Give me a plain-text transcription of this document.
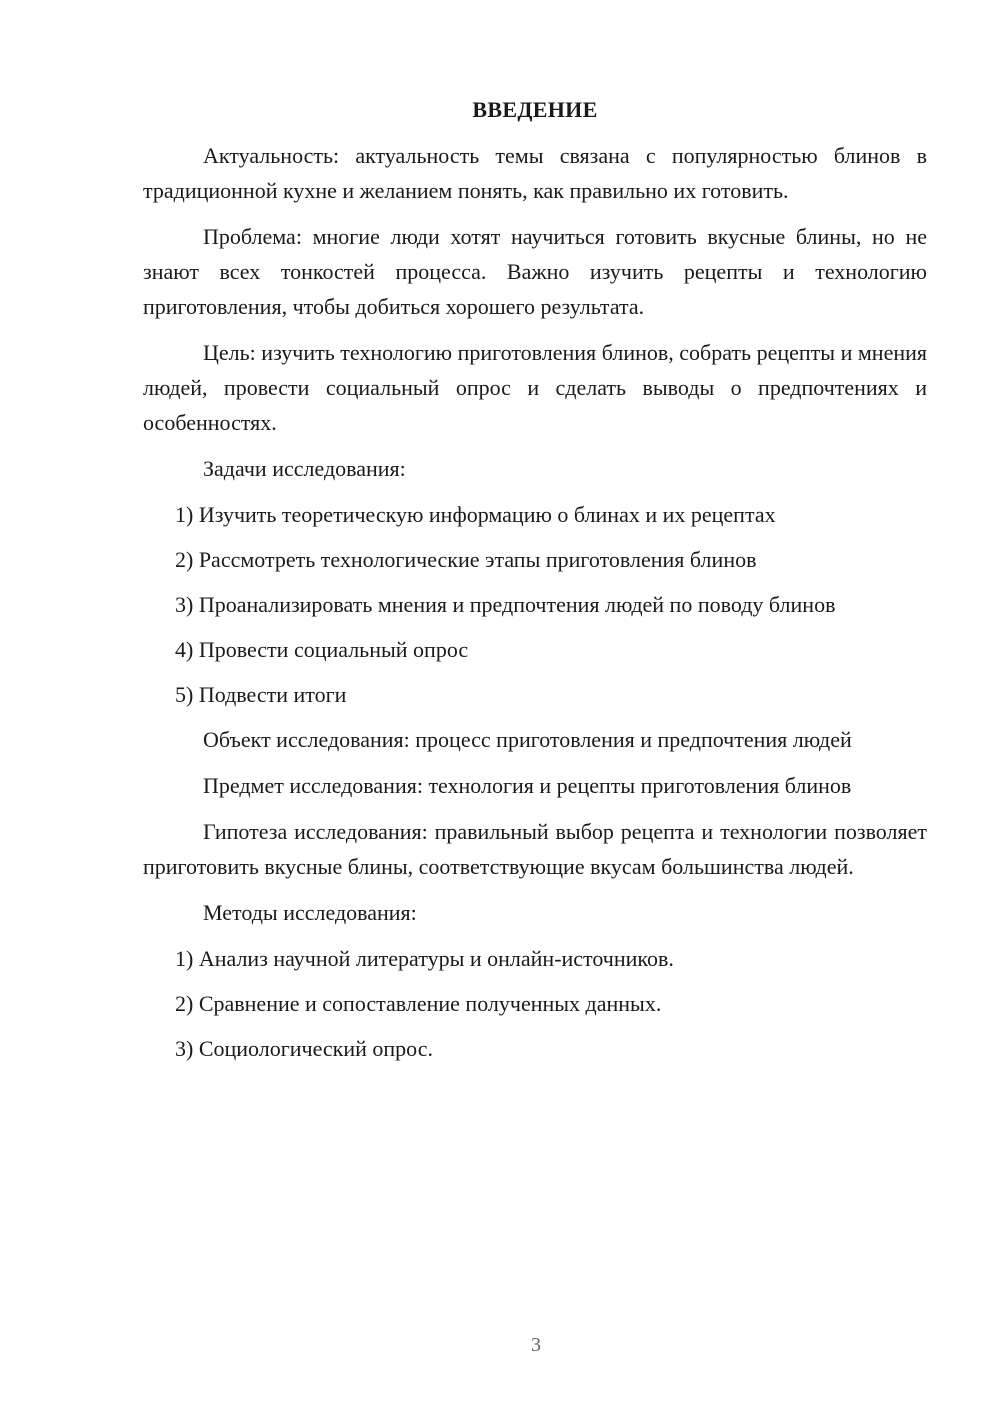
ВВЕДЕНИЕ
Актуальность: актуальность темы связана с популярностью блинов в традиционной кухне и желанием понять, как правильно их готовить.
Проблема: многие люди хотят научиться готовить вкусные блины, но не знают всех тонкостей процесса. Важно изучить рецепты и технологию приготовления, чтобы добиться хорошего результата.
Цель: изучить технологию приготовления блинов, собрать рецепты и мнения людей, провести социальный опрос и сделать выводы о предпочтениях и особенностях.
Задачи исследования:
1) Изучить теоретическую информацию о блинах и их рецептах
2) Рассмотреть технологические этапы приготовления блинов
3) Проанализировать мнения и предпочтения людей по поводу блинов
4) Провести социальный опрос
5) Подвести итоги
Объект исследования: процесс приготовления и предпочтения людей
Предмет исследования: технология и рецепты приготовления блинов
Гипотеза исследования: правильный выбор рецепта и технологии позволяет приготовить вкусные блины, соответствующие вкусам большинства людей.
Методы исследования:
1) Анализ научной литературы и онлайн-источников.
2) Сравнение и сопоставление полученных данных.
3) Социологический опрос.
3
